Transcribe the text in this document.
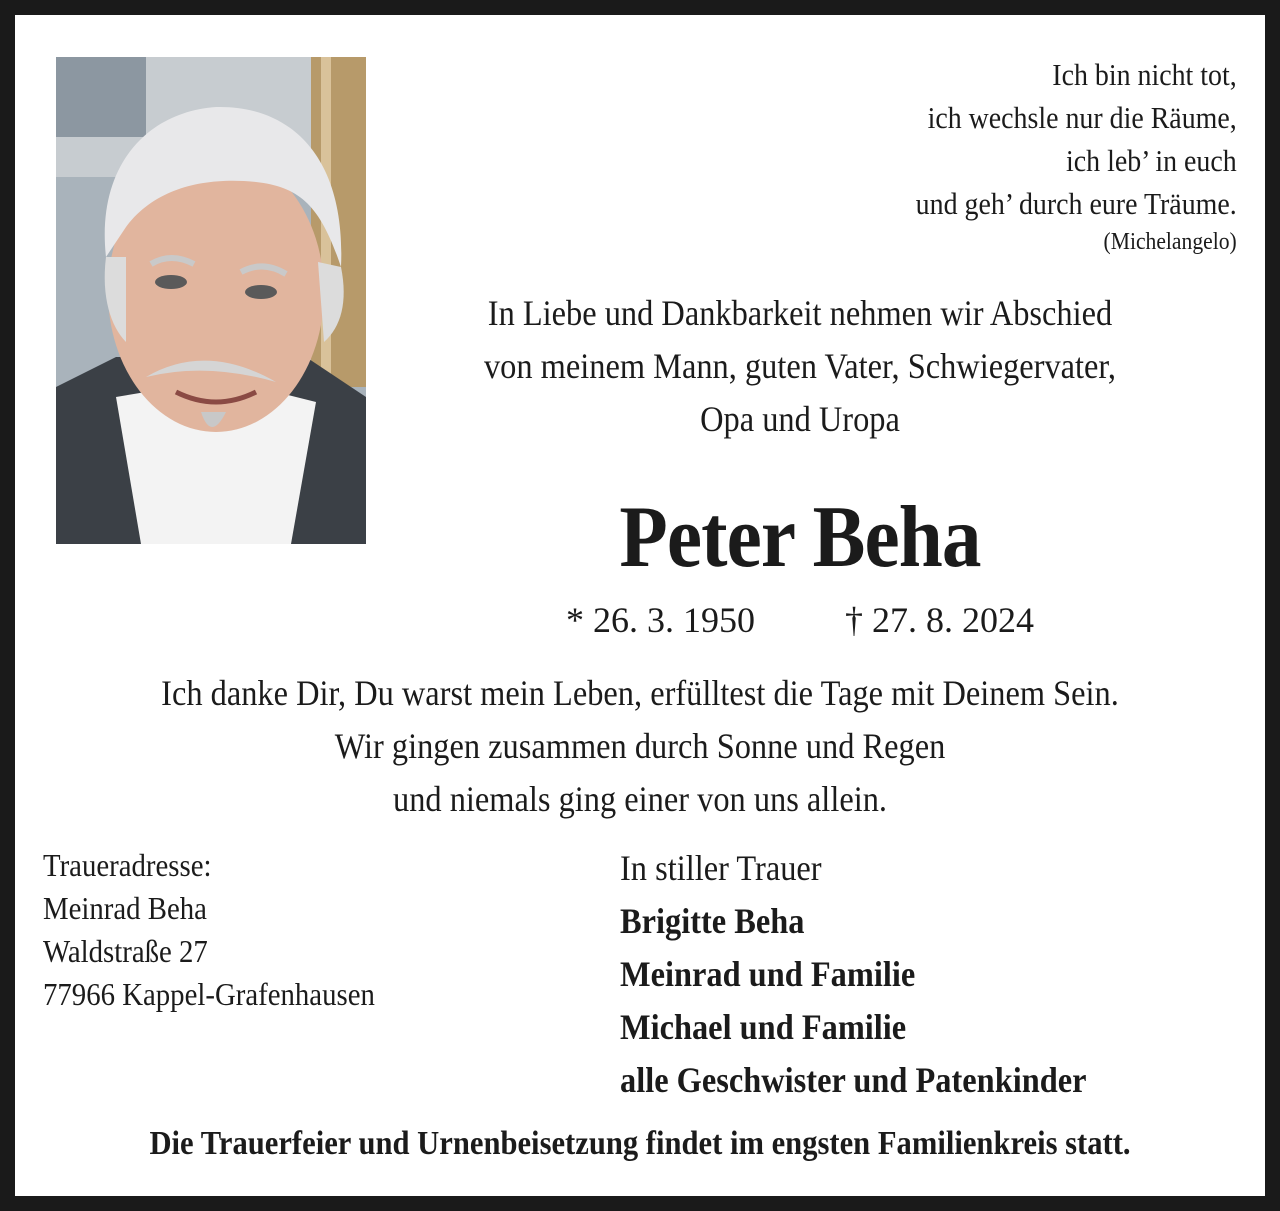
Ich bin nicht tot,
ich wechsle nur die Räume,
ich leb’ in euch
und geh’ durch eure Träume.
(Michelangelo)
In Liebe und Dankbarkeit nehmen wir Abschied
von meinem Mann, guten Vater, Schwiegervater,
Opa und Uropa
Peter Beha
* 26. 3. 1950	† 27. 8. 2024
Ich danke Dir, Du warst mein Leben, erfülltest die Tage mit Deinem Sein.
Wir gingen zusammen durch Sonne und Regen
und niemals ging einer von uns allein.
Traueradresse:
Meinrad Beha
Waldstraße 27
77966 Kappel-Grafenhausen
In stiller Trauer
Brigitte Beha
Meinrad und Familie
Michael und Familie
alle Geschwister und Patenkinder
Die Trauerfeier und Urnenbeisetzung findet im engsten Familienkreis statt.
